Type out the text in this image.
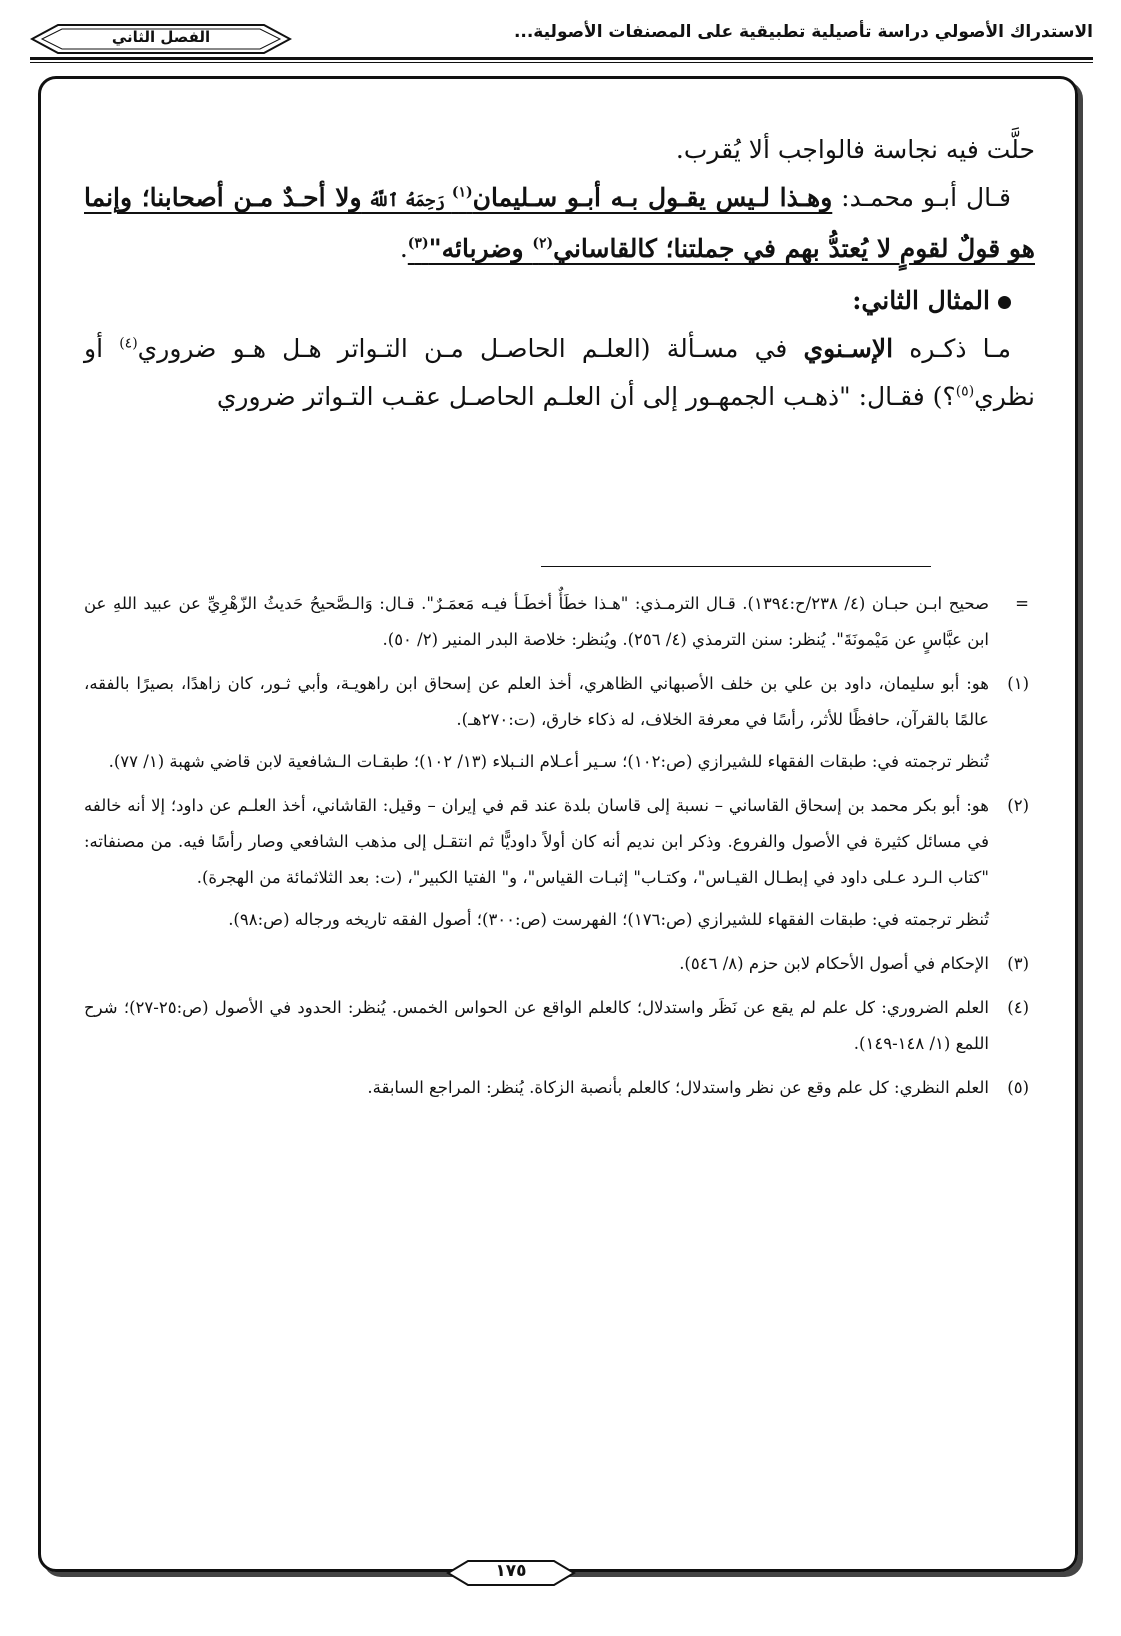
الاستدراك الأصولي دراسة تأصيلية تطبيقية على المصنفات الأصولية...
الفصل الثاني

حلَّت فيه نجاسة فالواجب ألا يُقرب.

قـال أبـو محمـد: وهـذا لـيس يقـول بـه أبـو سـليمان$^{(١)}$ رَحِمَهُ ٱللَّهُ ولا أحـدٌ مـن أصحابنا؛ وإنما هو قولٌ لقومٍ لا يُعتدُّ بهم في جملتنا؛ كالقاساني$^{(٢)}$ وضربائه"$^{(٣)}$.

المثال الثاني:

مـا ذكـره الإسـنوي في مسـألة (العلـم الحاصـل مـن التـواتر هـل هـو ضروري$^{(٤)}$ أو نظري$^{(٥)}$؟) فقـال: "ذهـب الجمهـور إلى أن العلـم الحاصـل عقـب التـواتر ضروري

=

صحيح ابـن حبـان (٤/ ٢٣٨/ح:١٣٩٤). قـال الترمـذي: "هـذا خطَأٌ أخطَـأ فيـه مَعمَـرٌ". قـال: وَالـصَّحيحُ حَديثُ الزّهْرِيِّ عن عبيد اللهِ عن ابن عبَّاسٍ عن مَيْمونَةَ". يُنظر: سنن الترمذي (٤/ ٢٥٦). ويُنظر: خلاصة البدر المنير (٢/ ٥٠).

(١)

هو: أبو سليمان، داود بن علي بن خلف الأصبهاني الظاهري، أخذ العلم عن إسحاق ابن راهويـة، وأبي ثـور، كان زاهدًا، بصيرًا بالفقه، عالمًا بالقرآن، حافظًا للأثر، رأسًا في معرفة الخلاف، له ذكاء خارق، (ت:٢٧٠هـ).

تُنظر ترجمته في: طبقات الفقهاء للشيرازي (ص:١٠٢)؛ سـير أعـلام النـبلاء (١٣/ ١٠٢)؛ طبقـات الـشافعية لابن قاضي شهبة (١/ ٧٧).

(٢)

هو: أبو بكر محمد بن إسحاق القاساني – نسبة إلى قاسان بلدة عند قم في إيران – وقيل: القاشاني، أخذ العلـم عن داود؛ إلا أنه خالفه في مسائل كثيرة في الأصول والفروع. وذكر ابن نديم أنه كان أولاً داوديًّا ثم انتقـل إلى مذهب الشافعي وصار رأسًا فيه. من مصنفاته: "كتاب الـرد عـلى داود في إبطـال القيـاس"، وكتـاب" إثبـات القياس"، و" الفتيا الكبير"، (ت: بعد الثلاثمائة من الهجرة).

تُنظر ترجمته في: طبقات الفقهاء للشيرازي (ص:١٧٦)؛ الفهرست (ص:٣٠٠)؛ أصول الفقه تاريخه ورجاله (ص:٩٨).

(٣)

الإحكام في أصول الأحكام لابن حزم (٨/ ٥٤٦).

(٤)

العلم الضروري: كل علم لم يقع عن نَظَر واستدلال؛ كالعلم الواقع عن الحواس الخمس. يُنظر: الحدود في الأصول (ص:٢٥-٢٧)؛ شرح اللمع (١/ ١٤٨-١٤٩).

(٥)

العلم النظري: كل علم وقع عن نظر واستدلال؛ كالعلم بأنصبة الزكاة. يُنظر: المراجع السابقة.

١٧٥
